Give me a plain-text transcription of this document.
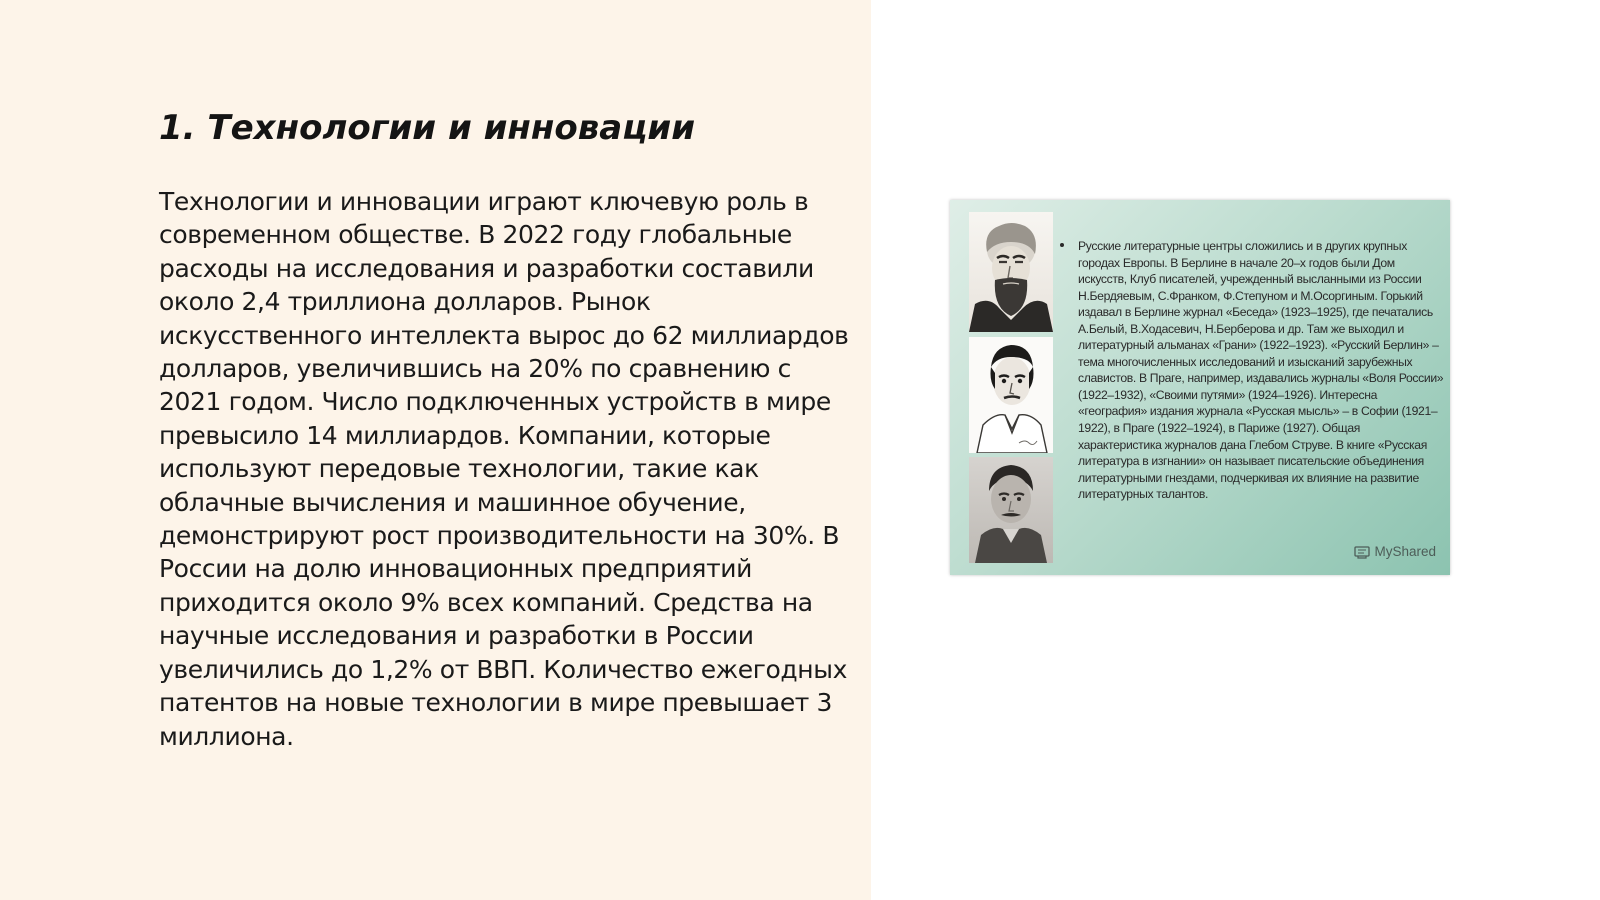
1. Технологии и инновации

Технологии и инновации играют ключевую роль в современном обществе. В 2022 году глобальные расходы на исследования и разработки составили около 2,4 триллиона долларов. Рынок искусственного интеллекта вырос до 62 миллиардов долларов, увеличившись на 20% по сравнению с 2021 годом. Число подключенных устройств в мире превысило 14 миллиардов. Компании, которые используют передовые технологии, такие как облачные вычисления и машинное обучение, демонстрируют рост производительности на 30%. В России на долю инновационных предприятий приходится около 9% всех компаний. Средства на научные исследования и разработки в России увеличились до 1,2% от ВВП. Количество ежегодных патентов на новые технологии в мире превышает 3 миллиона.

Русские литературные центры сложились и в других крупных городах Европы. В Берлине в начале 20–х годов были Дом искусств, Клуб писателей, учрежденный высланными из России Н.Бердяевым, С.Франком, Ф.Степуном и М.Осоргиным. Горький издавал в Берлине журнал «Беседа» (1923–1925), где печатались А.Белый, В.Ходасевич, Н.Берберова и др. Там же выходил и литературный альманах «Грани» (1922–1923). «Русский Берлин» – тема многочисленных исследований и изысканий зарубежных славистов. В Праге, например, издавались журналы «Воля России» (1922–1932), «Своими путями» (1924–1926). Интересна «география» издания журнала «Русская мысль» – в Софии (1921–1922), в Праге (1922–1924), в Париже (1927). Общая характеристика журналов дана Глебом Струве. В книге «Русская литература в изгнании» он называет писательские объединения литературными гнездами, подчеркивая их влияние на развитие литературных талантов.

MyShared
